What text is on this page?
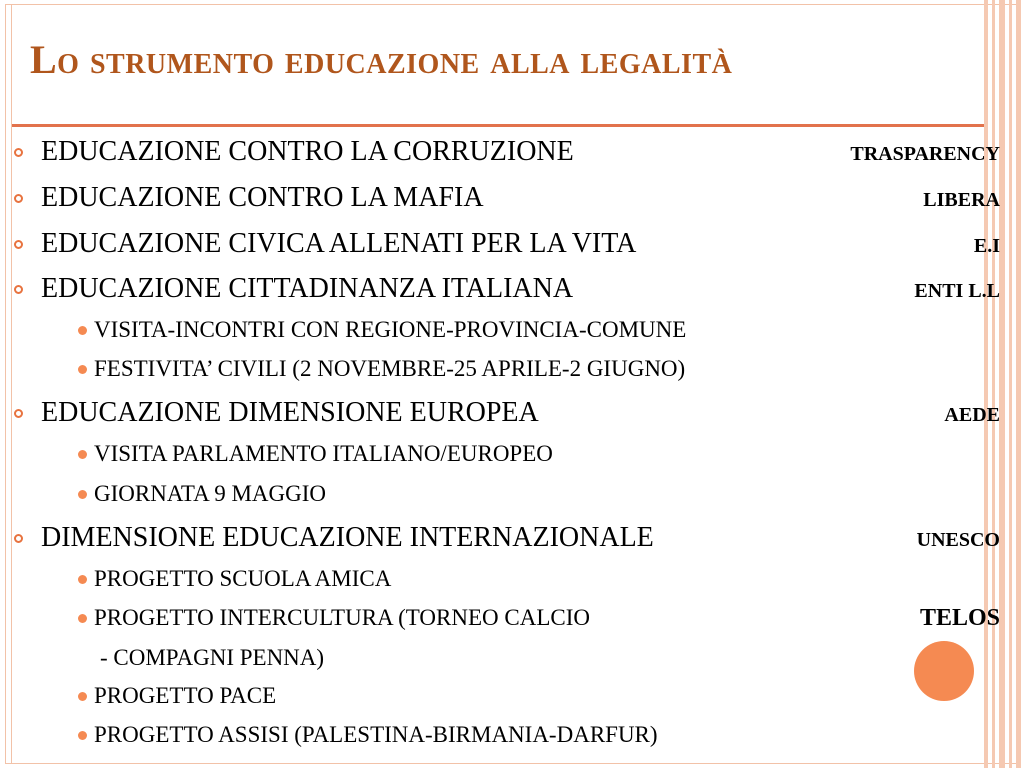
Lo strumento educazione alla legalità
EDUCAZIONE CONTRO LA CORRUZIONE	TRASPARENCY
EDUCAZIONE CONTRO LA MAFIA	LIBERA
EDUCAZIONE CIVICA ALLENATI PER LA VITA	E.I
EDUCAZIONE CITTADINANZA ITALIANA	ENTI L.L
VISITA-INCONTRI CON REGIONE-PROVINCIA-COMUNE
FESTIVITA’ CIVILI (2 NOVEMBRE-25 APRILE-2 GIUGNO)
EDUCAZIONE DIMENSIONE EUROPEA	AEDE
VISITA PARLAMENTO ITALIANO/EUROPEO
GIORNATA 9 MAGGIO
DIMENSIONE EDUCAZIONE INTERNAZIONALE	UNESCO
PROGETTO SCUOLA AMICA
PROGETTO INTERCULTURA (TORNEO CALCIO	TELOS
- COMPAGNI PENNA)
PROGETTO PACE
PROGETTO ASSISI (PALESTINA-BIRMANIA-DARFUR)
